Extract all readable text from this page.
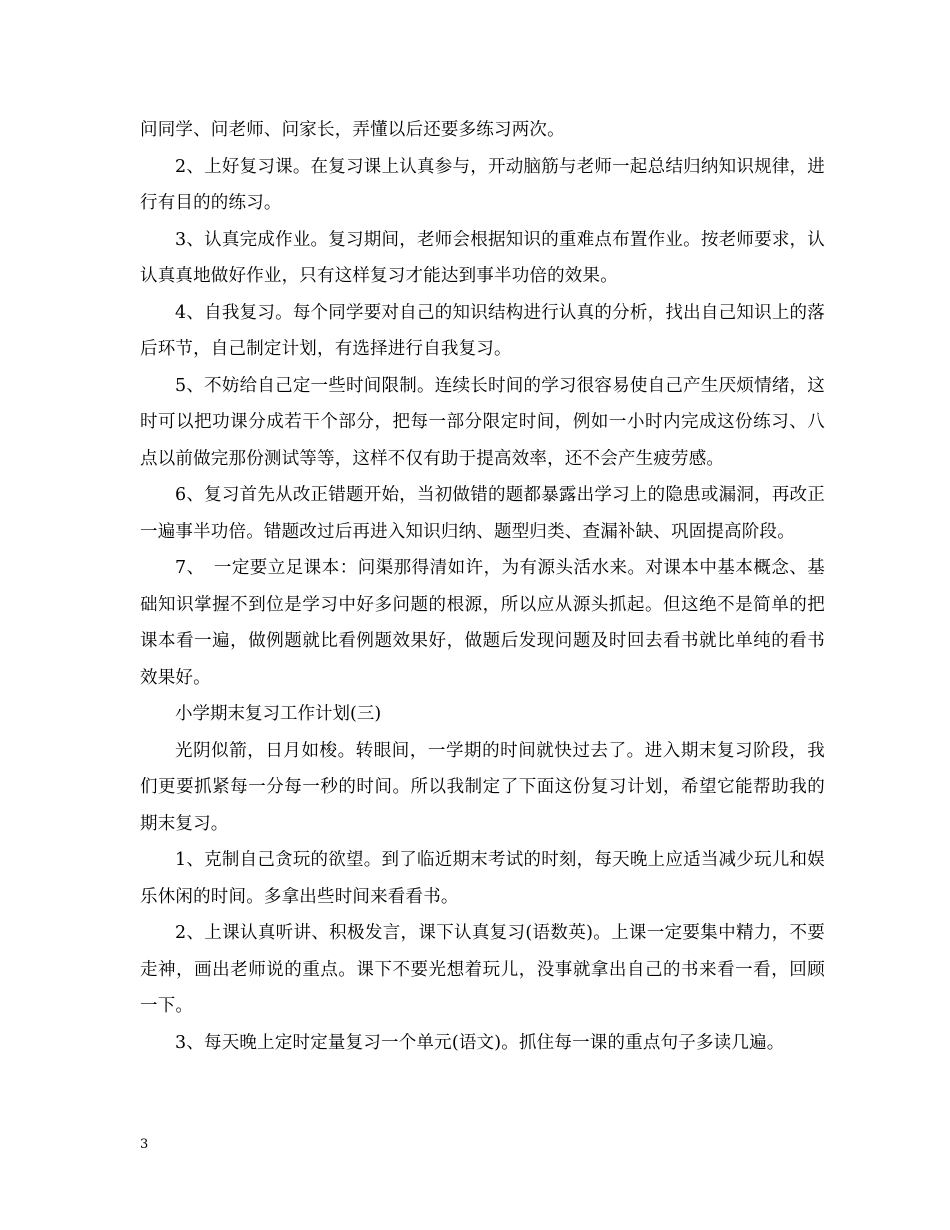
问同学、问老师、问家长，弄懂以后还要多练习两次。

2、上好复习课。在复习课上认真参与，开动脑筋与老师一起总结归纳知识规律，进行有目的的练习。

3、认真完成作业。复习期间，老师会根据知识的重难点布置作业。按老师要求，认认真真地做好作业，只有这样复习才能达到事半功倍的效果。

4、自我复习。每个同学要对自己的知识结构进行认真的分析，找出自己知识上的落后环节，自己制定计划，有选择进行自我复习。

5、不妨给自己定一些时间限制。连续长时间的学习很容易使自己产生厌烦情绪，这时可以把功课分成若干个部分，把每一部分限定时间，例如一小时内完成这份练习、八点以前做完那份测试等等，这样不仅有助于提高效率，还不会产生疲劳感。

6、复习首先从改正错题开始，当初做错的题都暴露出学习上的隐患或漏洞，再改正一遍事半功倍。错题改过后再进入知识归纳、题型归类、查漏补缺、巩固提高阶段。

7、　一定要立足课本：问渠那得清如许，为有源头活水来。对课本中基本概念、基础知识掌握不到位是学习中好多问题的根源，所以应从源头抓起。但这绝不是简单的把课本看一遍，做例题就比看例题效果好，做题后发现问题及时回去看书就比单纯的看书效果好。

小学期末复习工作计划(三)

光阴似箭，日月如梭。转眼间，一学期的时间就快过去了。进入期末复习阶段，我们更要抓紧每一分每一秒的时间。所以我制定了下面这份复习计划，希望它能帮助我的期末复习。

1、克制自己贪玩的欲望。到了临近期末考试的时刻，每天晚上应适当减少玩儿和娱乐休闲的时间。多拿出些时间来看看书。

2、上课认真听讲、积极发言，课下认真复习(语数英)。上课一定要集中精力，不要走神，画出老师说的重点。课下不要光想着玩儿，没事就拿出自己的书来看一看，回顾一下。

3、每天晚上定时定量复习一个单元(语文)。抓住每一课的重点句子多读几遍。

3
